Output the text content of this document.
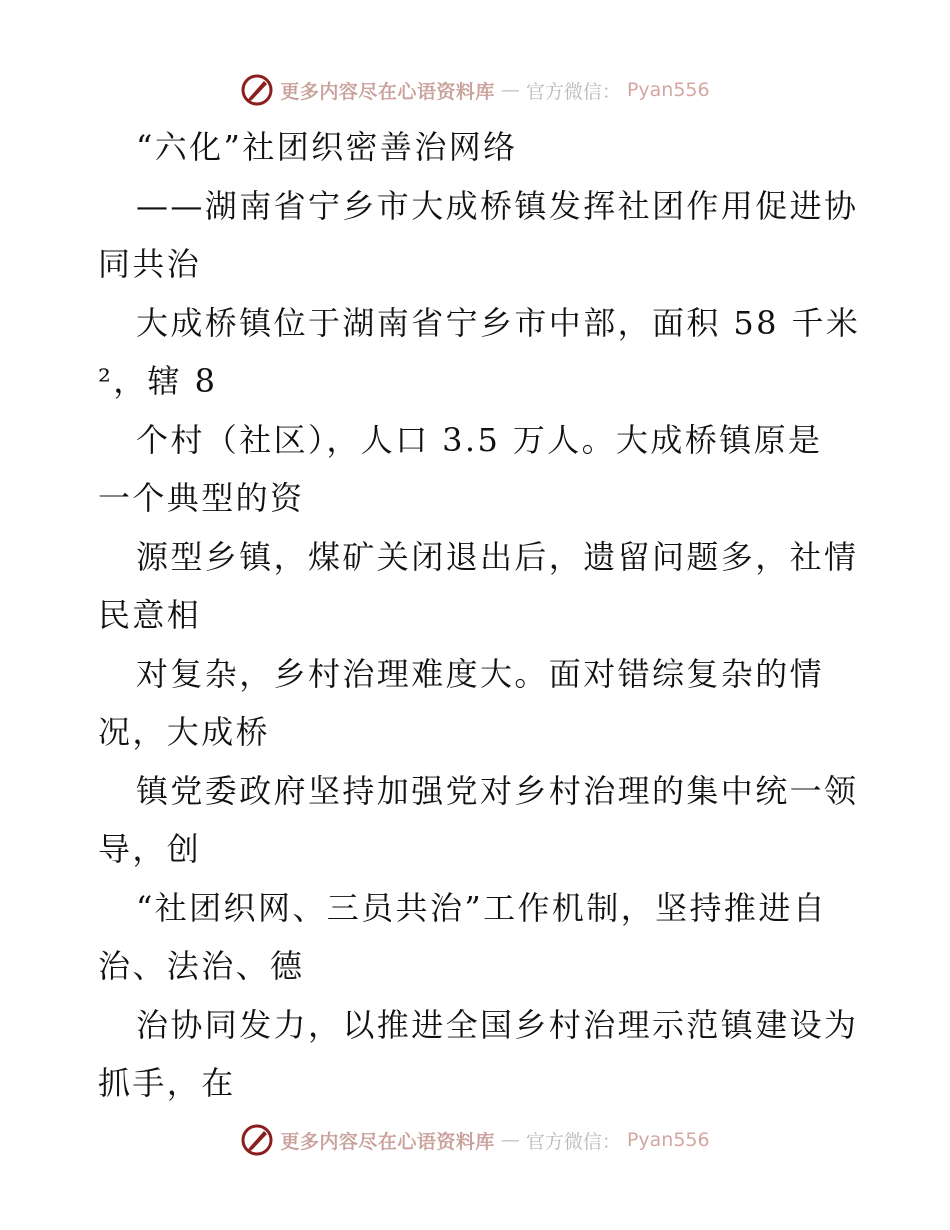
更多内容尽在心语资料库 — 官方微信： Pyan556
“六化”社团织密善治网络
——湖南省宁乡市大成桥镇发挥社团作用促进协
同共治
大成桥镇位于湖南省宁乡市中部，面积 58 千米
²，辖 8
个村（社区），人口 3.5 万人。大成桥镇原是
一个典型的资
源型乡镇，煤矿关闭退出后，遗留问题多，社情
民意相
对复杂，乡村治理难度大。面对错综复杂的情
况，大成桥
镇党委政府坚持加强党对乡村治理的集中统一领
导，创
“社团织网、三员共治”工作机制，坚持推进自
治、法治、德
治协同发力，以推进全国乡村治理示范镇建设为
抓手，在
更多内容尽在心语资料库 — 官方微信： Pyan556
